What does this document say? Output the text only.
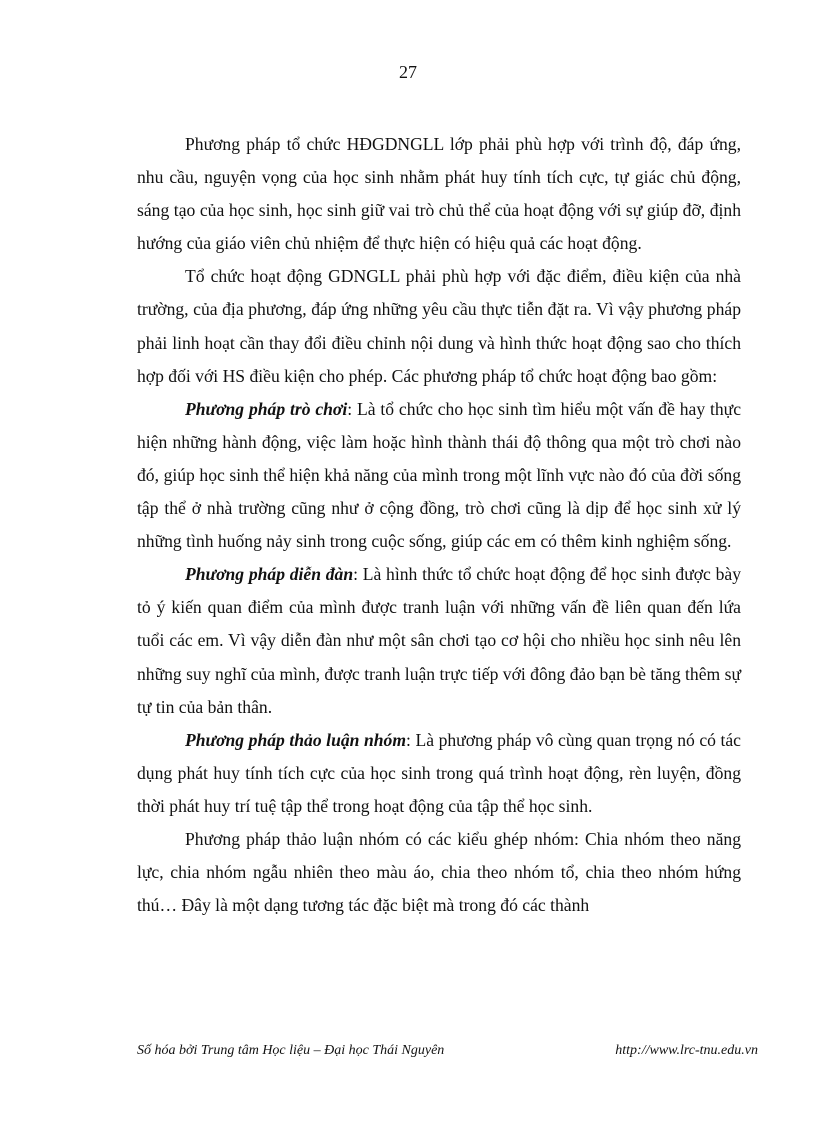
27

Phương pháp tổ chức HĐGDNGLL lớp phải phù hợp với trình độ, đáp ứng, nhu cầu, nguyện vọng của học sinh nhằm phát huy tính tích cực, tự giác chủ động, sáng tạo của học sinh, học sinh giữ vai trò chủ thể của hoạt động với sự giúp đỡ, định hướng của giáo viên chủ nhiệm để thực hiện có hiệu quả các hoạt động.

Tổ chức hoạt động GDNGLL phải phù hợp với đặc điểm, điều kiện của nhà trường, của địa phương, đáp ứng những yêu cầu thực tiễn đặt ra. Vì vậy phương pháp phải linh hoạt cần thay đổi điều chỉnh nội dung và hình thức hoạt động sao cho thích hợp đối với HS điều kiện cho phép. Các phương pháp tổ chức hoạt động bao gồm:

Phương pháp trò chơi: Là tổ chức cho học sinh tìm hiểu một vấn đề hay thực hiện những hành động, việc làm hoặc hình thành thái độ thông qua một trò chơi nào đó, giúp học sinh thể hiện khả năng của mình trong một lĩnh vực nào đó của đời sống tập thể ở nhà trường cũng như ở cộng đồng, trò chơi cũng là dịp để học sinh xử lý những tình huống nảy sinh trong cuộc sống, giúp các em có thêm kinh nghiệm sống.

Phương pháp diễn đàn: Là hình thức tổ chức hoạt động để học sinh được bày tỏ ý kiến quan điểm của mình được tranh luận với những vấn đề liên quan đến lứa tuổi các em. Vì vậy diễn đàn như một sân chơi tạo cơ hội cho nhiều học sinh nêu lên những suy nghĩ của mình, được tranh luận trực tiếp với đông đảo bạn bè tăng thêm sự tự tin của bản thân.

Phương pháp thảo luận nhóm: Là phương pháp vô cùng quan trọng nó có tác dụng phát huy tính tích cực của học sinh trong quá trình hoạt động, rèn luyện, đồng thời phát huy trí tuệ tập thể trong hoạt động của tập thể học sinh.

Phương pháp thảo luận nhóm có các kiểu ghép nhóm: Chia nhóm theo năng lực, chia nhóm ngẫu nhiên theo màu áo, chia theo nhóm tổ, chia theo nhóm hứng thú… Đây là một dạng tương tác đặc biệt mà trong đó các thành

Số hóa bởi Trung tâm Học liệu – Đại học Thái Nguyên	http://www.lrc-tnu.edu.vn
